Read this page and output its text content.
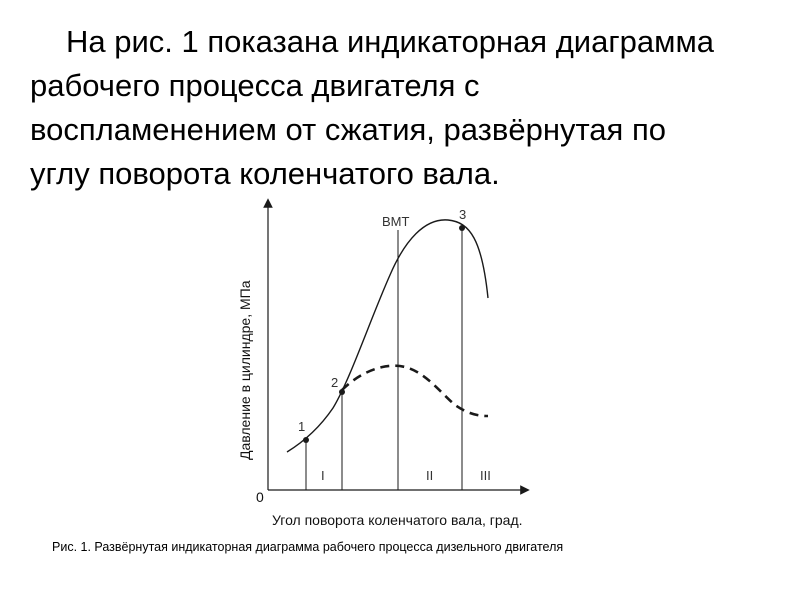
На рис. 1 показана индикаторная диаграмма
рабочего процесса двигателя с
воспламенением от сжатия, развёрнутая по
углу поворота коленчатого вала.
1
2
3
ВМТ
I	II	III
0
Угол поворота коленчатого вала, град.
Давление в цилиндре, МПа
Рис. 1. Развёрнутая индикаторная диаграмма рабочего процесса дизельного двигателя
